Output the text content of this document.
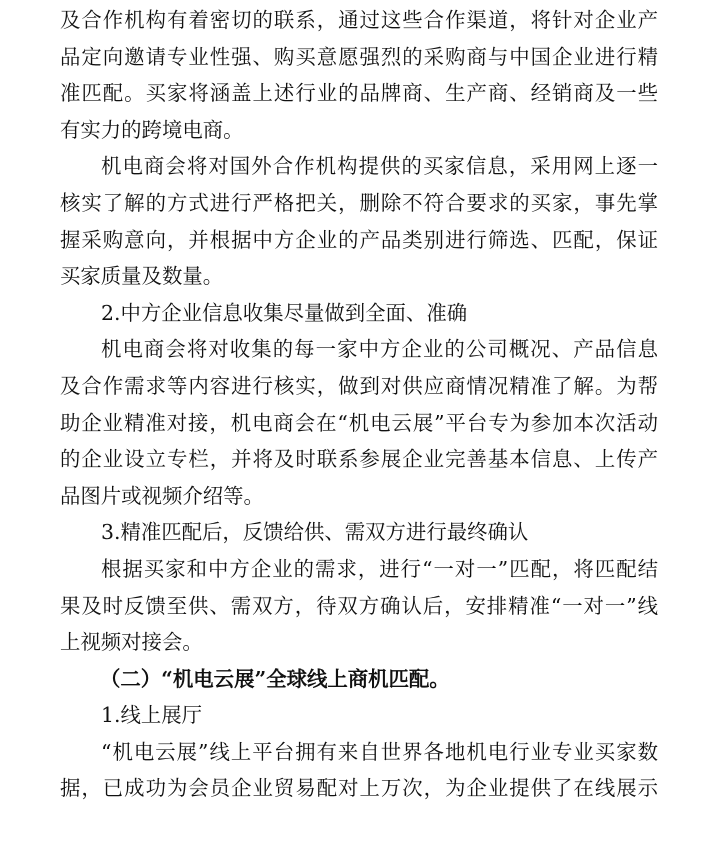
及合作机构有着密切的联系，通过这些合作渠道，将针对企业产

品定向邀请专业性强、购买意愿强烈的采购商与中国企业进行精

准匹配。买家将涵盖上述行业的品牌商、生产商、经销商及一些

有实力的跨境电商。

机电商会将对国外合作机构提供的买家信息，采用网上逐一

核实了解的方式进行严格把关，删除不符合要求的买家，事先掌

握采购意向，并根据中方企业的产品类别进行筛选、匹配，保证

买家质量及数量。

2.中方企业信息收集尽量做到全面、准确

机电商会将对收集的每一家中方企业的公司概况、产品信息

及合作需求等内容进行核实，做到对供应商情况精准了解。为帮

助企业精准对接，机电商会在“机电云展”平台专为参加本次活动

的企业设立专栏，并将及时联系参展企业完善基本信息、上传产

品图片或视频介绍等。

3.精准匹配后，反馈给供、需双方进行最终确认

根据买家和中方企业的需求，进行“一对一”匹配，将匹配结

果及时反馈至供、需双方，待双方确认后，安排精准“一对一”线

上视频对接会。

（二）“机电云展”全球线上商机匹配。

1.线上展厅

“机电云展”线上平台拥有来自世界各地机电行业专业买家数

据，已成功为会员企业贸易配对上万次，为企业提供了在线展示
